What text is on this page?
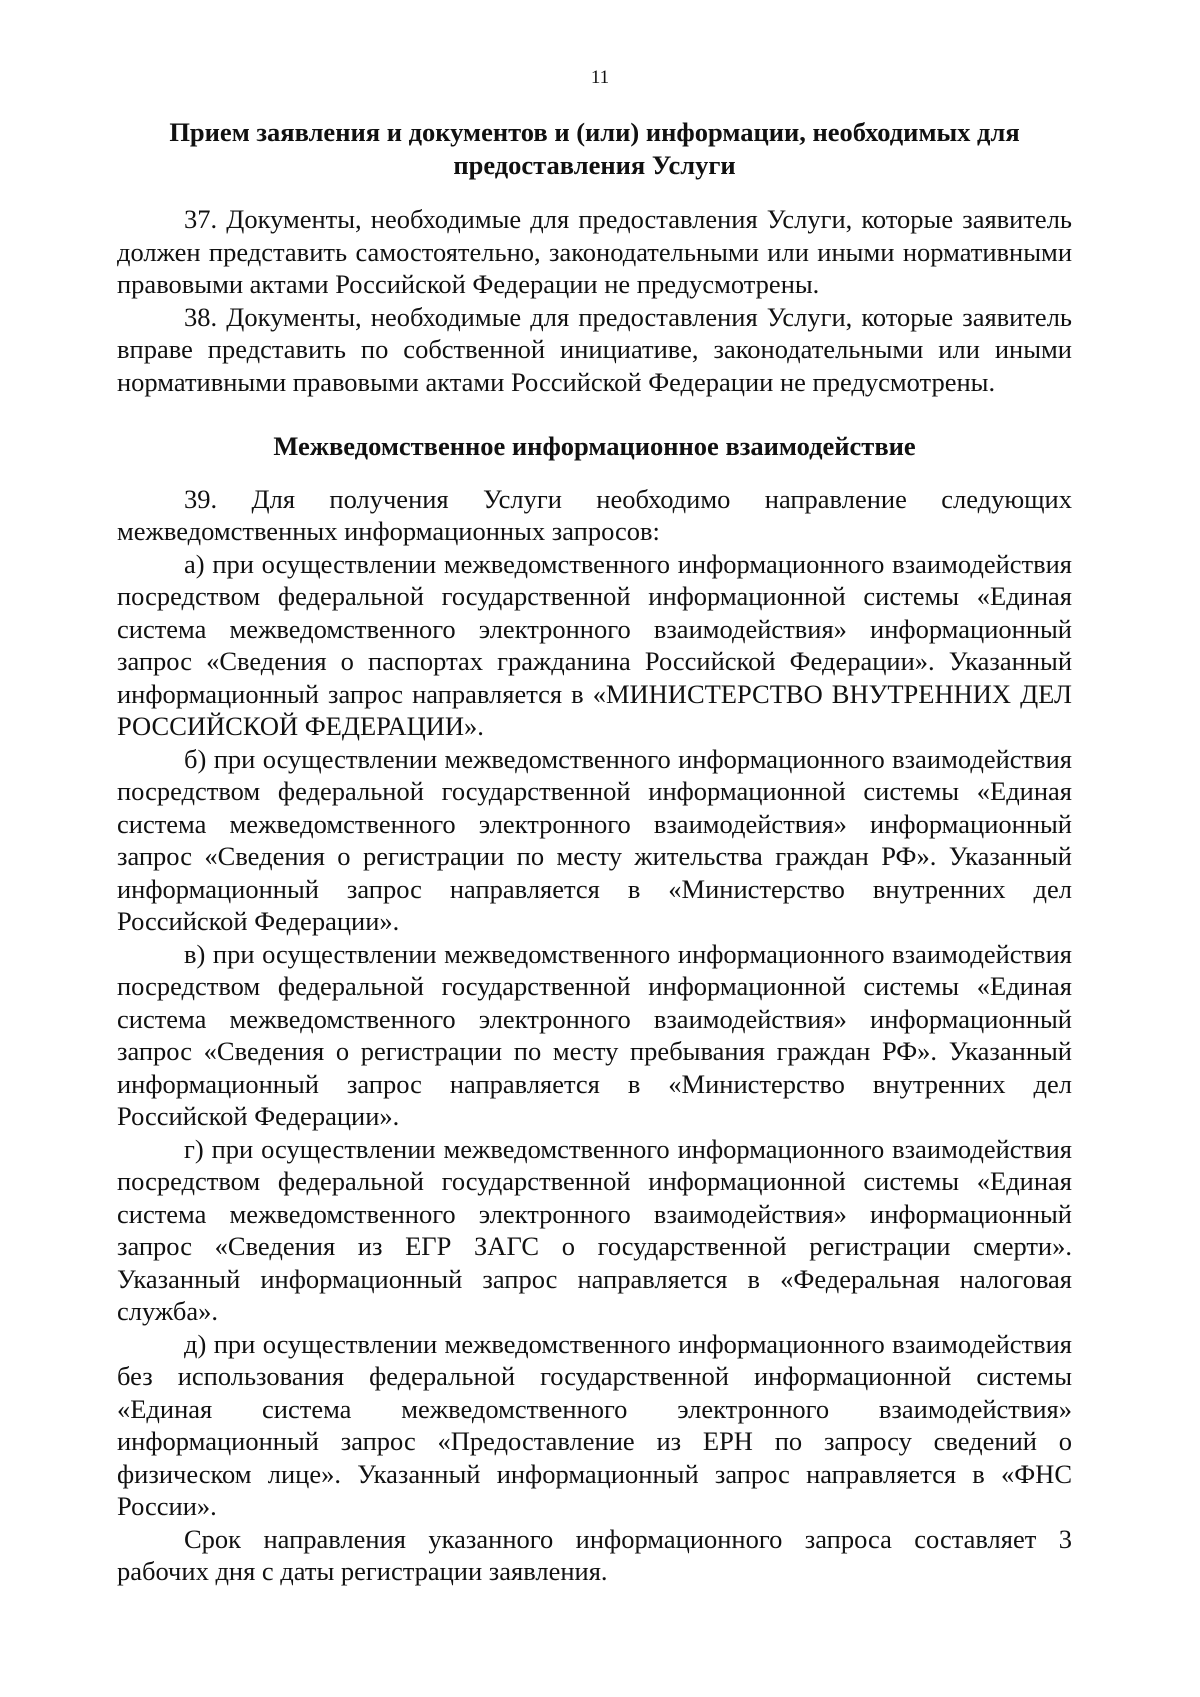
11
Прием заявления и документов и (или) информации, необходимых для
предоставления Услуги

37. Документы, необходимые для предоставления Услуги, которые заявитель должен представить самостоятельно, законодательными или иными нормативными правовыми актами Российской Федерации не предусмотрены.

38. Документы, необходимые для предоставления Услуги, которые заявитель вправе представить по собственной инициативе, законодательными или иными нормативными правовыми актами Российской Федерации не предусмотрены.

Межведомственное информационное взаимодействие

39. Для получения Услуги необходимо направление следующих межведомственных информационных запросов:

а) при осуществлении межведомственного информационного взаимодействия посредством федеральной государственной информационной системы «Единая система межведомственного электронного взаимодействия» информационный запрос «Сведения о паспортах гражданина Российской Федерации». Указанный информационный запрос направляется в «МИНИСТЕРСТВО ВНУТРЕННИХ ДЕЛ РОССИЙСКОЙ ФЕДЕРАЦИИ».

б) при осуществлении межведомственного информационного взаимодействия посредством федеральной государственной информационной системы «Единая система межведомственного электронного взаимодействия» информационный запрос «Сведения о регистрации по месту жительства граждан РФ». Указанный информационный запрос направляется в «Министерство внутренних дел Российской Федерации».

в) при осуществлении межведомственного информационного взаимодействия посредством федеральной государственной информационной системы «Единая система межведомственного электронного взаимодействия» информационный запрос «Сведения о регистрации по месту пребывания граждан РФ». Указанный информационный запрос направляется в «Министерство внутренних дел Российской Федерации».

г) при осуществлении межведомственного информационного взаимодействия посредством федеральной государственной информационной системы «Единая система межведомственного электронного взаимодействия» информационный запрос «Сведения из ЕГР ЗАГС о государственной регистрации смерти». Указанный информационный запрос направляется в «Федеральная налоговая служба».

д) при осуществлении межведомственного информационного взаимодействия без использования федеральной государственной информационной системы «Единая система межведомственного электронного взаимодействия» информационный запрос «Предоставление из ЕРН по запросу сведений о физическом лице». Указанный информационный запрос направляется в «ФНС России».

Срок направления указанного информационного запроса составляет 3 рабочих дня с даты регистрации заявления.
